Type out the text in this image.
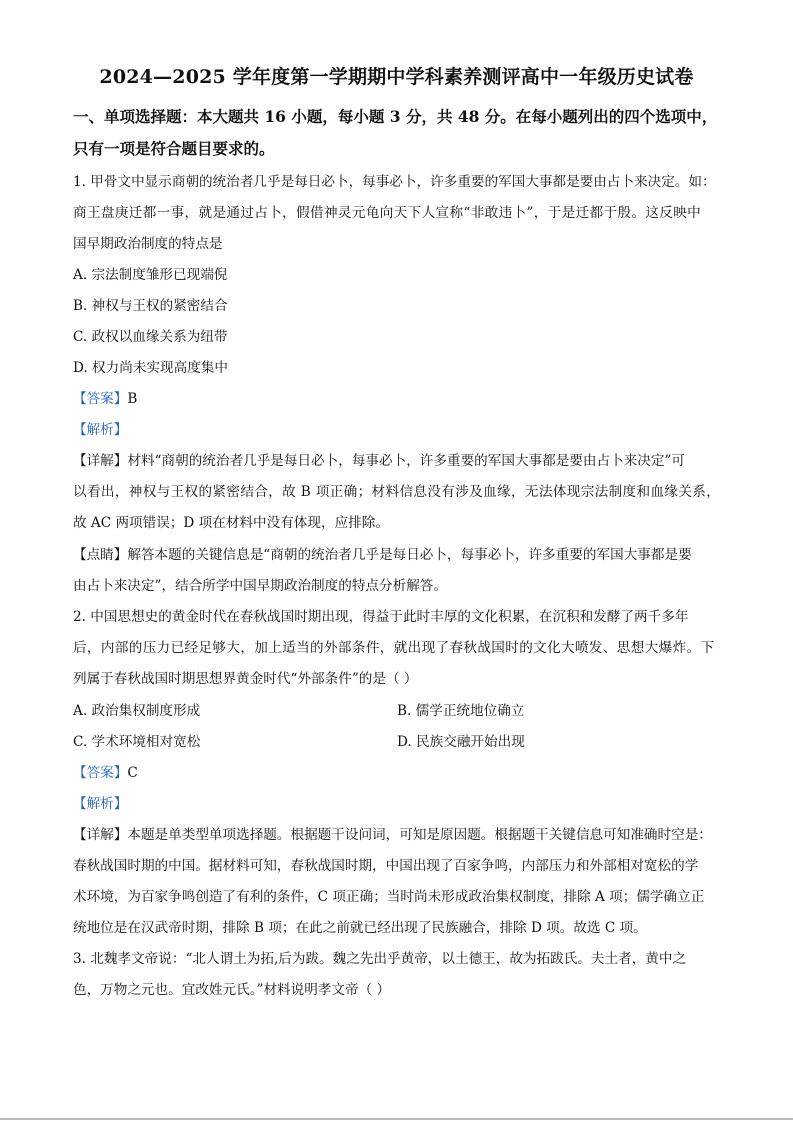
2024—2025 学年度第一学期期中学科素养测评高中一年级历史试卷
一、单项选择题：本大题共 16 小题，每小题 3 分，共 48 分。在每小题列出的四个选项中，
只有一项是符合题目要求的。
1. 甲骨文中显示商朝的统治者几乎是每日必卜，每事必卜，许多重要的军国大事都是要由占卜来决定。如：
商王盘庚迁都一事，就是通过占卜，假借神灵元龟向天下人宣称“非敢违卜”，于是迁都于殷。这反映中
国早期政治制度的特点是
A. 宗法制度雏形已现端倪
B. 神权与王权的紧密结合
C. 政权以血缘关系为纽带
D. 权力尚未实现高度集中
【答案】B
【解析】
【详解】材料“商朝的统治者几乎是每日必卜，每事必卜，许多重要的军国大事都是要由占卜来决定”可
以看出，神权与王权的紧密结合，故 B 项正确；材料信息没有涉及血缘，无法体现宗法制度和血缘关系，
故 AC 两项错误；D 项在材料中没有体现，应排除。
【点睛】解答本题的关键信息是“商朝的统治者几乎是每日必卜，每事必卜，许多重要的军国大事都是要
由占卜来决定”，结合所学中国早期政治制度的特点分析解答。
2. 中国思想史的黄金时代在春秋战国时期出现，得益于此时丰厚的文化积累，在沉积和发酵了两千多年
后，内部的压力已经足够大，加上适当的外部条件，就出现了春秋战国时的文化大喷发、思想大爆炸。下
列属于春秋战国时期思想界黄金时代“外部条件”的是（ ）
A. 政治集权制度形成	B. 儒学正统地位确立
C. 学术环境相对宽松	D. 民族交融开始出现
【答案】C
【解析】
【详解】本题是单类型单项选择题。根据题干设问词，可知是原因题。根据题干关键信息可知准确时空是：
春秋战国时期的中国。据材料可知，春秋战国时期，中国出现了百家争鸣，内部压力和外部相对宽松的学
术环境，为百家争鸣创造了有利的条件，C 项正确；当时尚未形成政治集权制度，排除 A 项；儒学确立正
统地位是在汉武帝时期，排除 B 项；在此之前就已经出现了民族融合，排除 D 项。故选 C 项。
3. 北魏孝文帝说：“北人谓土为拓,后为跋。魏之先出乎黄帝，以土德王，故为拓跋氏。夫土者，黄中之
色，万物之元也。宜改姓元氏。”材料说明孝文帝（ ）
